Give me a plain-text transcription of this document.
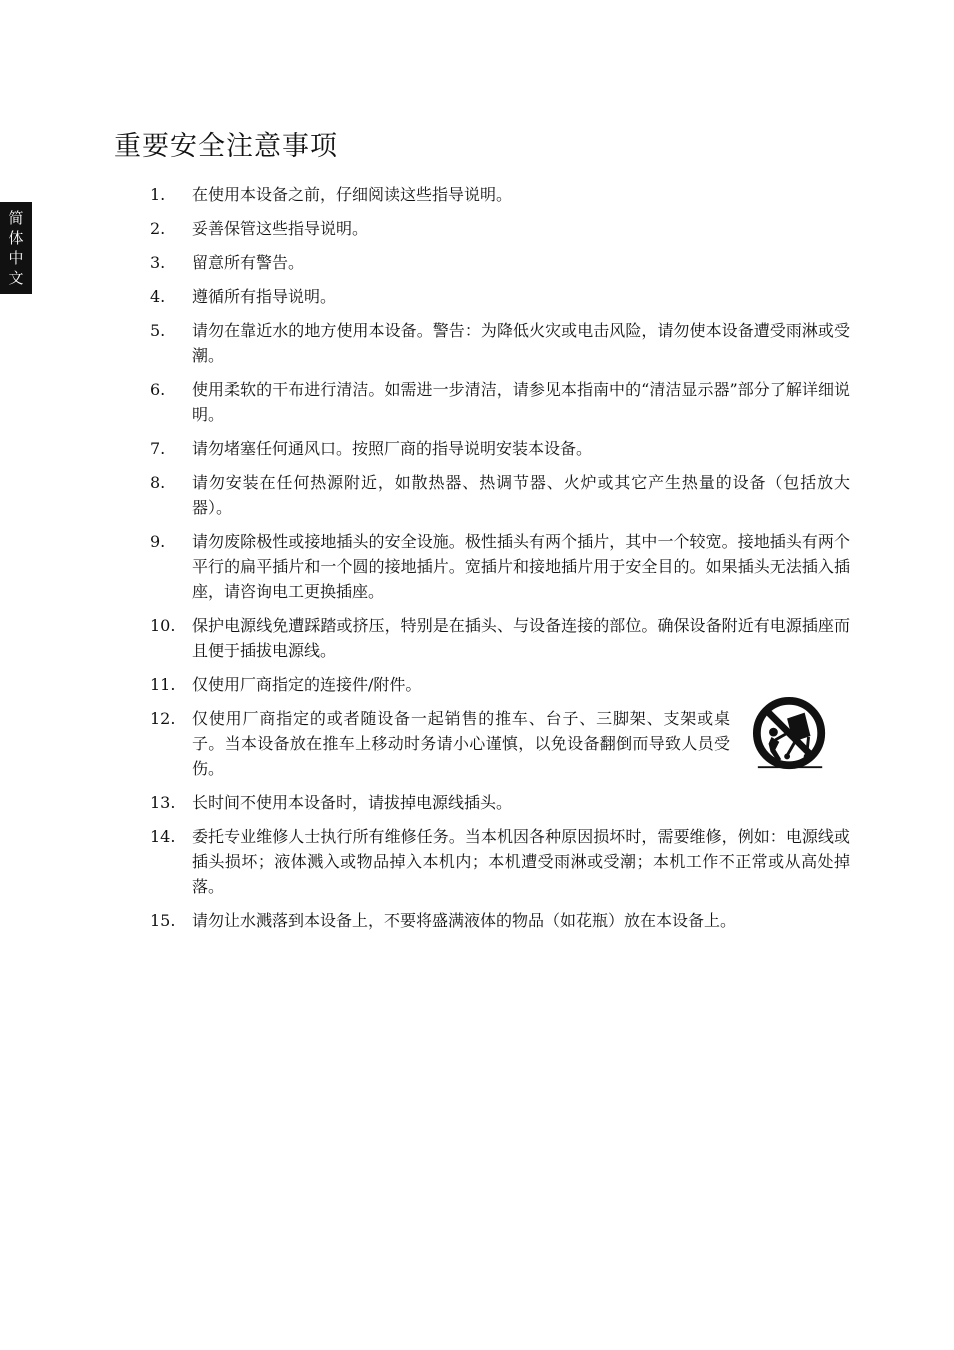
简
体
中
文
重要安全注意事项
1.	在使用本设备之前，仔细阅读这些指导说明。
2.	妥善保管这些指导说明。
3.	留意所有警告。
4.	遵循所有指导说明。
5.	请勿在靠近水的地方使用本设备。警告：为降低火灾或电击风险，请勿使本设备遭受雨淋或受潮。
6.	使用柔软的干布进行清洁。如需进一步清洁，请参见本指南中的“清洁显示器”部分了解详细说明。
7.	请勿堵塞任何通风口。按照厂商的指导说明安装本设备。
8.	请勿安装在任何热源附近，如散热器、热调节器、火炉或其它产生热量的设备（包括放大器）。
9.	请勿废除极性或接地插头的安全设施。极性插头有两个插片，其中一个较宽。接地插头有两个平行的扁平插片和一个圆的接地插片。宽插片和接地插片用于安全目的。如果插头无法插入插座，请咨询电工更换插座。
10.	保护电源线免遭踩踏或挤压，特别是在插头、与设备连接的部位。确保设备附近有电源插座而且便于插拔电源线。
11.	仅使用厂商指定的连接件/附件。
12.	仅使用厂商指定的或者随设备一起销售的推车、台子、三脚架、支架或桌子。当本设备放在推车上移动时务请小心谨慎，以免设备翻倒而导致人员受伤。
13.	长时间不使用本设备时，请拔掉电源线插头。
14.	委托专业维修人士执行所有维修任务。当本机因各种原因损坏时，需要维修，例如：电源线或插头损坏；液体溅入或物品掉入本机内；本机遭受雨淋或受潮；本机工作不正常或从高处掉落。
15.	请勿让水溅落到本设备上，不要将盛满液体的物品（如花瓶）放在本设备上。
